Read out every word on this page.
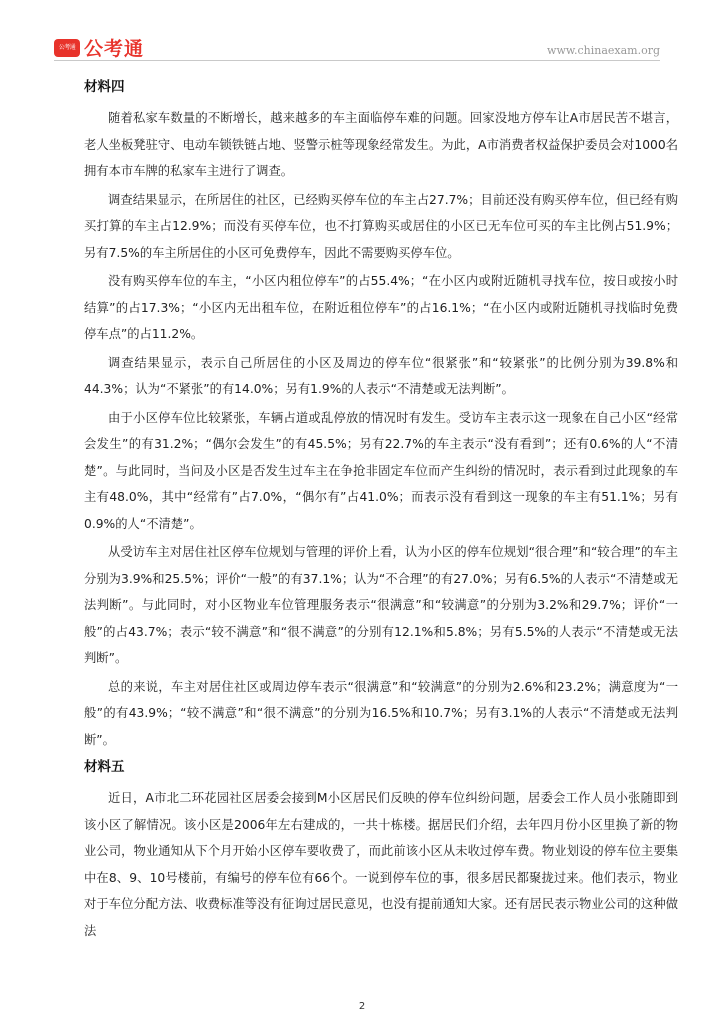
公考通 公考通	www.chinaexam.org
材料四

随着私家车数量的不断增长，越来越多的车主面临停车难的问题。回家没地方停车让A市居民苦不堪言，老人坐板凳驻守、电动车锁铁链占地、竖警示桩等现象经常发生。为此，A市消费者权益保护委员会对1000名拥有本市车牌的私家车主进行了调查。

调查结果显示，在所居住的社区，已经购买停车位的车主占27.7%；目前还没有购买停车位，但已经有购买打算的车主占12.9%；而没有买停车位，也不打算购买或居住的小区已无车位可买的车主比例占51.9%；另有7.5%的车主所居住的小区可免费停车，因此不需要购买停车位。

没有购买停车位的车主，“小区内租位停车”的占55.4%；“在小区内或附近随机寻找车位，按日或按小时结算”的占17.3%；“小区内无出租车位，在附近租位停车”的占16.1%；“在小区内或附近随机寻找临时免费停车点”的占11.2%。

调查结果显示，表示自己所居住的小区及周边的停车位“很紧张”和“较紧张”的比例分别为39.8%和44.3%；认为“不紧张”的有14.0%；另有1.9%的人表示“不清楚或无法判断”。

由于小区停车位比较紧张，车辆占道或乱停放的情况时有发生。受访车主表示这一现象在自己小区“经常会发生”的有31.2%；“偶尔会发生”的有45.5%；另有22.7%的车主表示“没有看到”；还有0.6%的人“不清楚”。与此同时，当问及小区是否发生过车主在争抢非固定车位而产生纠纷的情况时，表示看到过此现象的车主有48.0%，其中“经常有”占7.0%，“偶尔有”占41.0%；而表示没有看到这一现象的车主有51.1%；另有0.9%的人“不清楚”。

从受访车主对居住社区停车位规划与管理的评价上看，认为小区的停车位规划“很合理”和“较合理”的车主分别为3.9%和25.5%；评价“一般”的有37.1%；认为“不合理”的有27.0%；另有6.5%的人表示“不清楚或无法判断”。与此同时，对小区物业车位管理服务表示“很满意”和“较满意”的分别为3.2%和29.7%；评价“一般”的占43.7%；表示“较不满意”和“很不满意”的分别有12.1%和5.8%；另有5.5%的人表示“不清楚或无法判断”。

总的来说，车主对居住社区或周边停车表示“很满意”和“较满意”的分别为2.6%和23.2%；满意度为“一般”的有43.9%；“较不满意”和“很不满意”的分别为16.5%和10.7%；另有3.1%的人表示“不清楚或无法判断”。

材料五

近日，A市北二环花园社区居委会接到M小区居民们反映的停车位纠纷问题，居委会工作人员小张随即到该小区了解情况。该小区是2006年左右建成的，一共十栋楼。据居民们介绍，去年四月份小区里换了新的物业公司，物业通知从下个月开始小区停车要收费了，而此前该小区从未收过停车费。物业划设的停车位主要集中在8、9、10号楼前，有编号的停车位有66个。一说到停车位的事，很多居民都聚拢过来。他们表示，物业对于车位分配方法、收费标准等没有征询过居民意见，也没有提前通知大家。还有居民表示物业公司的这种做法

2
